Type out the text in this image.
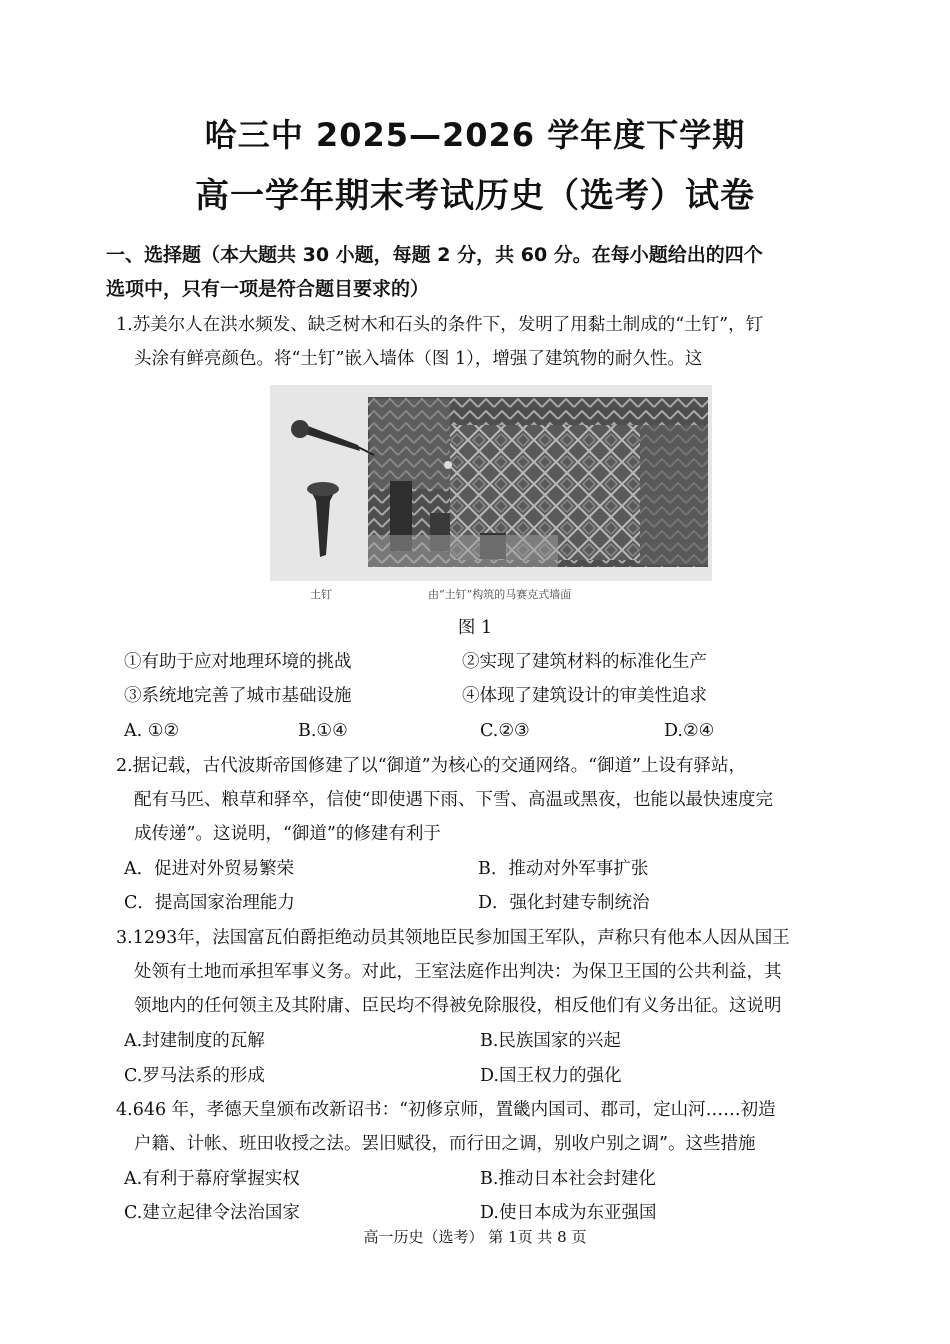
哈三中 2025—2026 学年度下学期
高一学年期末考试历史（选考）试卷
一、选择题（本大题共 30 小题，每题 2 分，共 60 分。在每小题给出的四个
选项中，只有一项是符合题目要求的）
1.苏美尔人在洪水频发、缺乏树木和石头的条件下，发明了用黏土制成的“土钉”，钉
头涂有鲜亮颜色。将“土钉”嵌入墙体（图 1），增强了建筑物的耐久性。这
土钉	由“土钉”构筑的马赛克式墙面
图 1
①有助于应对地理环境的挑战	②实现了建筑材料的标准化生产
③系统地完善了城市基础设施	④体现了建筑设计的审美性追求
A. ①②	B.①④	C.②③	D.②④
2.据记载，古代波斯帝国修建了以“御道”为核心的交通网络。“御道”上设有驿站，
配有马匹、粮草和驿卒，信使“即使遇下雨、下雪、高温或黑夜，也能以最快速度完
成传递”。这说明，“御道”的修建有利于
A．促进对外贸易繁荣	B．推动对外军事扩张
C．提高国家治理能力	D．强化封建专制统治
3.1293年，法国富瓦伯爵拒绝动员其领地臣民参加国王军队，声称只有他本人因从国王
处领有土地而承担军事义务。对此，王室法庭作出判决：为保卫王国的公共利益，其
领地内的任何领主及其附庸、臣民均不得被免除服役，相反他们有义务出征。这说明
A.封建制度的瓦解	B.民族国家的兴起
C.罗马法系的形成	D.国王权力的强化
4.646 年，孝德天皇颁布改新诏书：“初修京师，置畿内国司、郡司，定山河……初造
户籍、计帐、班田收授之法。罢旧赋役，而行田之调，别收户别之调”。这些措施
A.有利于幕府掌握实权	B.推动日本社会封建化
C.建立起律令法治国家	D.使日本成为东亚强国
高一历史（选考） 第 1页 共 8 页
